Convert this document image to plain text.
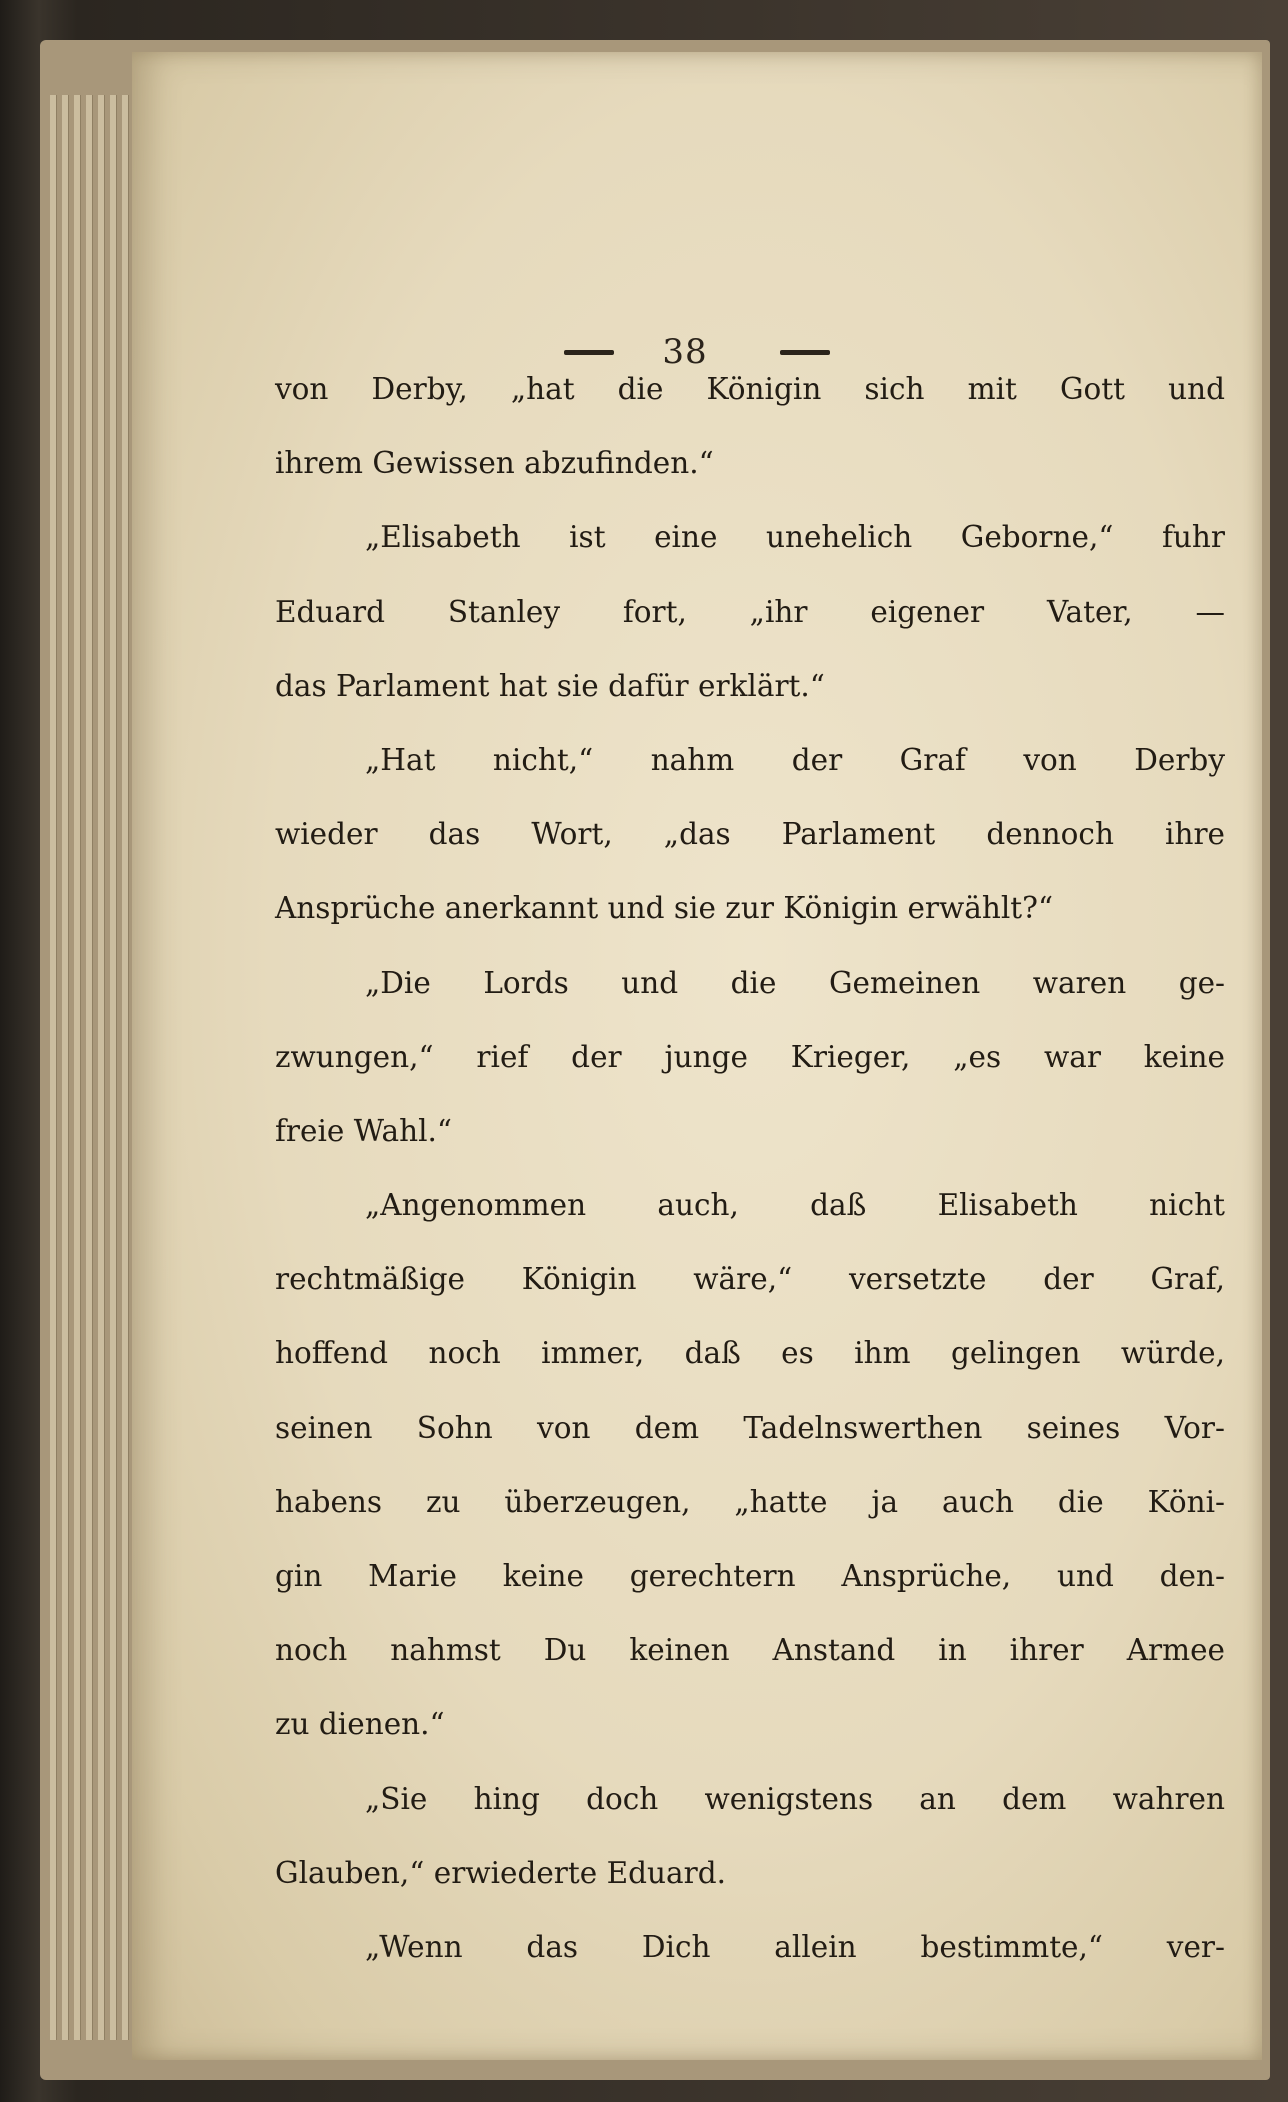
38
von Derby, „hat die Königin sich mit Gott und
ihrem Gewissen abzufinden.“
„Elisabeth ist eine unehelich Geborne,“ fuhr
Eduard Stanley fort, „ihr eigener Vater, —
das Parlament hat sie dafür erklärt.“
„Hat nicht,“ nahm der Graf von Derby
wieder das Wort, „das Parlament dennoch ihre
Ansprüche anerkannt und sie zur Königin erwählt?“
„Die Lords und die Gemeinen waren ge-
zwungen,“ rief der junge Krieger, „es war keine
freie Wahl.“
„Angenommen auch, daß Elisabeth nicht
rechtmäßige Königin wäre,“ versetzte der Graf,
hoffend noch immer, daß es ihm gelingen würde,
seinen Sohn von dem Tadelnswerthen seines Vor-
habens zu überzeugen, „hatte ja auch die Köni-
gin Marie keine gerechtern Ansprüche, und den-
noch nahmst Du keinen Anstand in ihrer Armee
zu dienen.“
„Sie hing doch wenigstens an dem wahren
Glauben,“ erwiederte Eduard.
„Wenn das Dich allein bestimmte,“ ver-
